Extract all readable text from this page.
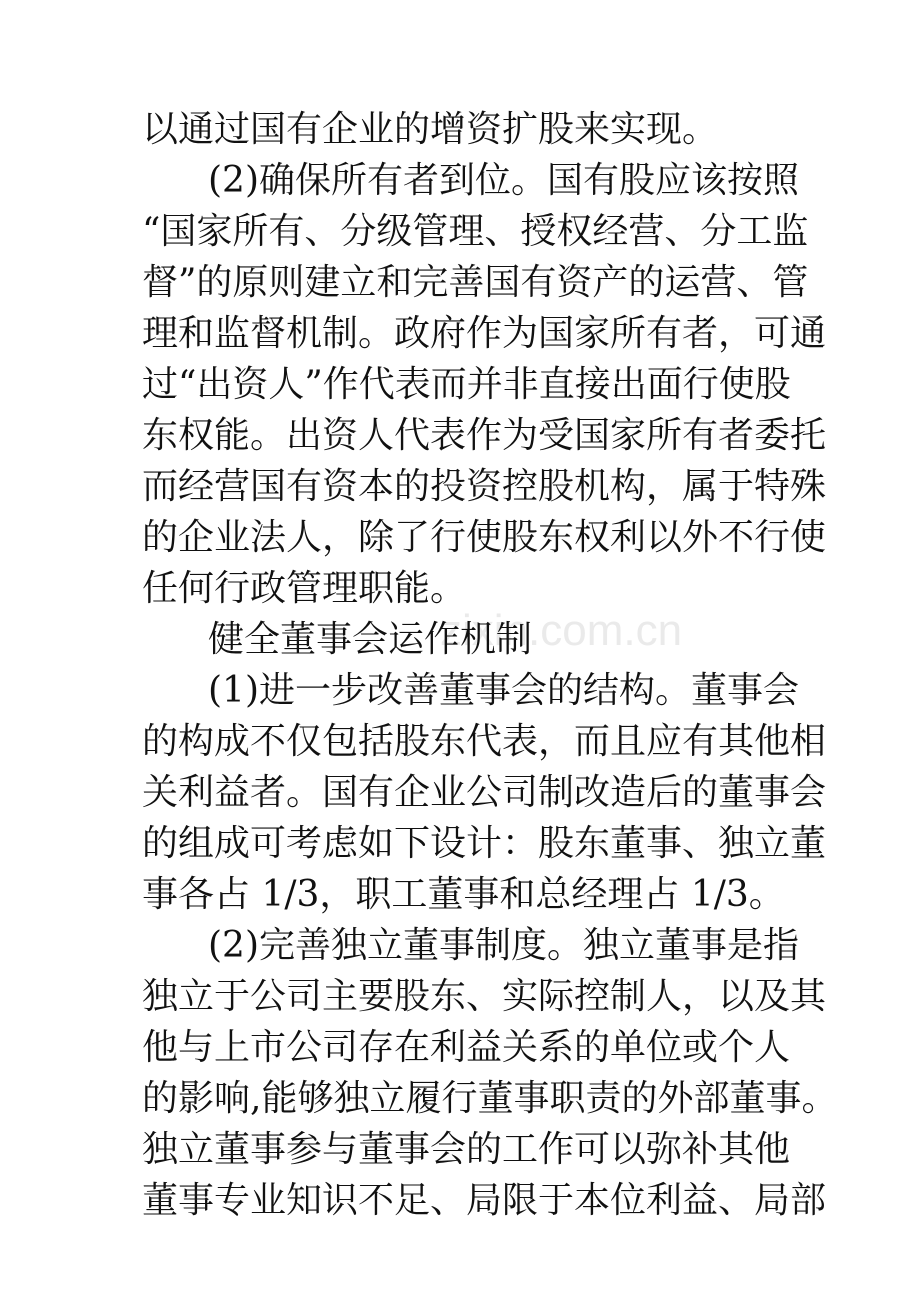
zixin.com.cn
以通过国有企业的增资扩股来实现。
(2)确保所有者到位。国有股应该按照
“国家所有、分级管理、授权经营、分工监
督”的原则建立和完善国有资产的运营、管
理和监督机制。政府作为国家所有者，可通
过“出资人”作代表而并非直接出面行使股
东权能。出资人代表作为受国家所有者委托
而经营国有资本的投资控股机构，属于特殊
的企业法人，除了行使股东权利以外不行使
任何行政管理职能。
健全董事会运作机制
(1)进一步改善董事会的结构。董事会
的构成不仅包括股东代表，而且应有其他相
关利益者。国有企业公司制改造后的董事会
的组成可考虑如下设计：股东董事、独立董
事各占 1/3，职工董事和总经理占 1/3。
(2)完善独立董事制度。独立董事是指
独立于公司主要股东、实际控制人，以及其
他与上市公司存在利益关系的单位或个人
的影响,能够独立履行董事职责的外部董事。
独立董事参与董事会的工作可以弥补其他
董事专业知识不足、局限于本位利益、局部
